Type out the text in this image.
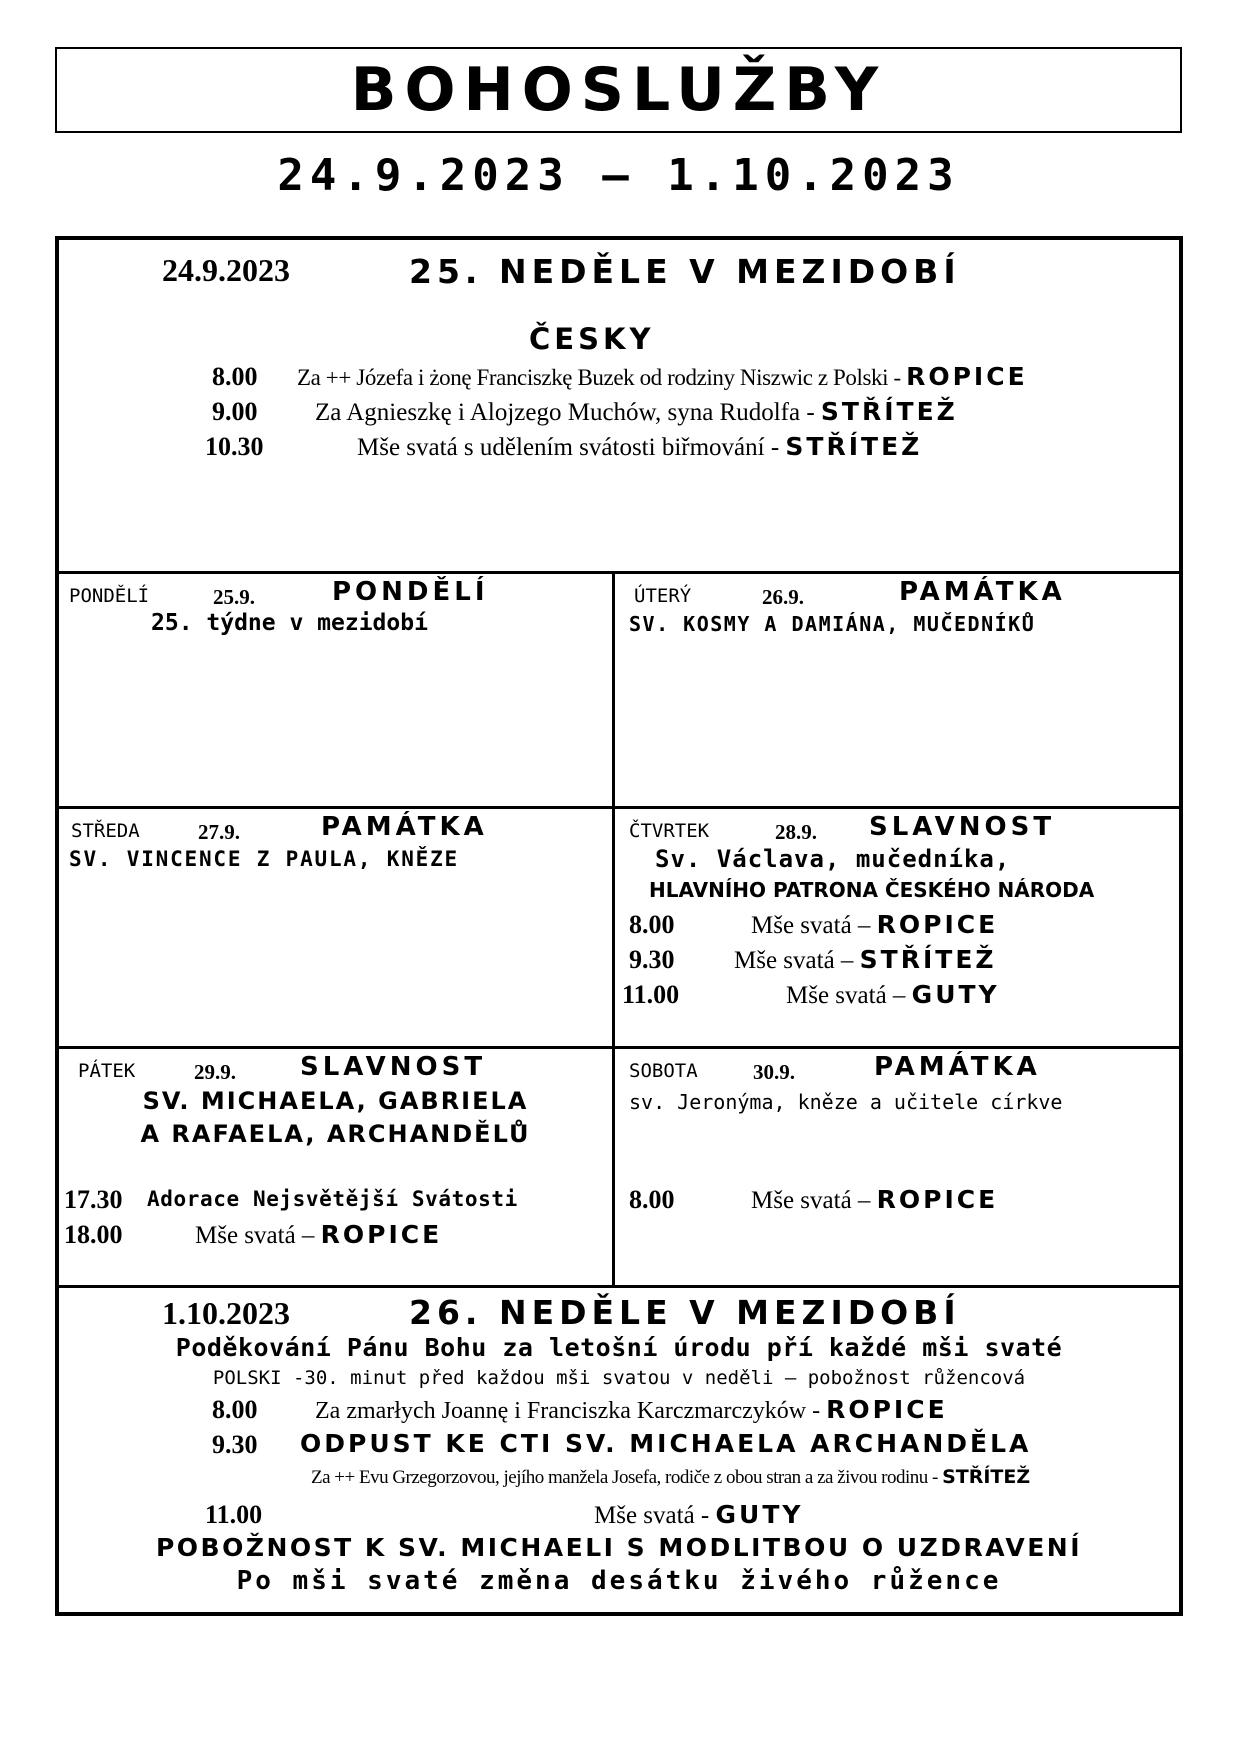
BOHOSLUŽBY
24.9.2023 – 1.10.2023
24.9.2023	25. NEDĚLE V MEZIDOBÍ
ČESKY
8.00 Za ++ Józefa i żonę Franciszkę Buzek od rodziny Niszwic z Polski - ROPICE
9.00 Za Agnieszkę i Alojzego Muchów, syna Rudolfa - STŘÍTEŽ
10.30	Mše svatá s udělením svátosti biřmování - STŘÍTEŽ
PONDĚLÍ	25.9.	PONDĚLÍ
25. týdne v mezidobí
ÚTERÝ	26.9.	PAMÁTKA
SV. KOSMY A DAMIÁNA, MUČEDNÍKŮ
STŘEDA	27.9.	PAMÁTKA
SV. VINCENCE Z PAULA, KNĚZE
ČTVRTEK	28.9. SLAVNOST
Sv. Václava, mučedníka,
HLAVNÍHO PATRONA ČESKÉHO NÁRODA
8.00	Mše svatá – ROPICE
9.30 Mše svatá – STŘÍTEŽ
11.00	Mše svatá – GUTY
PÁTEK	29.9. SLAVNOST
SV. MICHAELA, GABRIELA
A RAFAELA, ARCHANDĚLŮ
17.30 Adorace Nejsvětější Svátosti
18.00	Mše svatá – ROPICE
SOBOTA	30.9.	PAMÁTKA
sv. Jeronýma, kněze a učitele církve
8.00	Mše svatá – ROPICE
1.10.2023	26. NEDĚLE V MEZIDOBÍ
Poděkování Pánu Bohu za letošní úrodu pří každé mši svaté
POLSKI -30. minut před každou mši svatou v neděli – pobožnost růžencová
8.00 Za zmarłych Joannę i Franciszka Karczmarczyków - ROPICE
9.30 ODPUST KE CTI SV. MICHAELA ARCHANDĚLA
Za ++ Evu Grzegorzovou, jejího manžela Josefa, rodiče z obou stran a za živou rodinu - STŘÍTEŽ
11.00	Mše svatá - GUTY
POBOŽNOST K SV. MICHAELI S MODLITBOU O UZDRAVENÍ
Po mši svaté změna desátku živého růžence
